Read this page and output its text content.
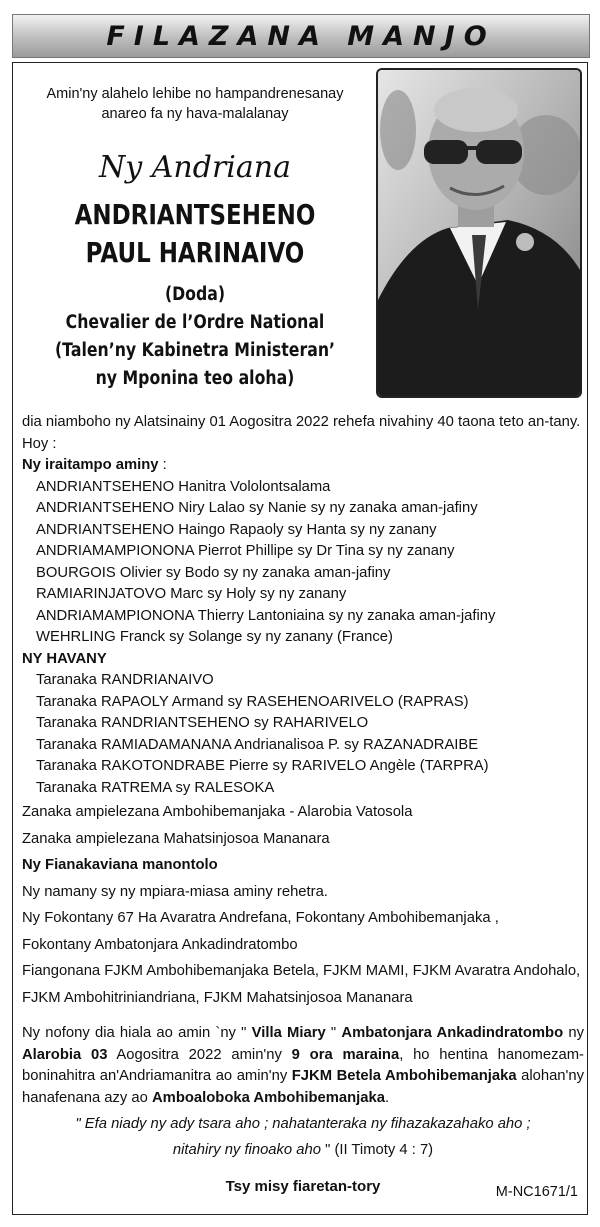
FILAZANA MANJO
Amin'ny alahelo lehibe no hampandrenesanay
anareo fa ny hava-malalanay
Ny Andriana
ANDRIANTSEHENO
PAUL HARINAIVO
(Doda)
Chevalier de l’Ordre National
(Talen’ny Kabinetra Ministeran’
ny Mponina teo aloha)
dia niamboho ny Alatsinainy 01 Aogositra 2022 rehefa nivahiny 40 taona teto an-tany.
Hoy :
Ny iraitampo aminy :
ANDRIANTSEHENO Hanitra Vololontsalama
ANDRIANTSEHENO Niry Lalao sy Nanie sy ny zanaka aman-jafiny
ANDRIANTSEHENO Haingo Rapaoly sy Hanta sy ny zanany
ANDRIAMAMPIONONA Pierrot Phillipe sy Dr Tina sy ny zanany
BOURGOIS Olivier sy Bodo sy ny zanaka aman-jafiny
RAMIARINJATOVO Marc sy Holy sy ny zanany
ANDRIAMAMPIONONA Thierry Lantoniaina sy ny zanaka aman-jafiny
WEHRLING Franck sy Solange sy ny zanany (France)
NY HAVANY
Taranaka RANDRIANAIVO
Taranaka RAPAOLY Armand sy RASEHENOARIVELO (RAPRAS)
Taranaka RANDRIANTSEHENO sy RAHARIVELO
Taranaka RAMIADAMANANA Andrianalisoa P. sy RAZANADRAIBE
Taranaka RAKOTONDRABE Pierre sy RARIVELO Angèle (TARPRA)
Taranaka RATREMA sy RALESOKA
Zanaka ampielezana Ambohibemanjaka - Alarobia Vatosola
Zanaka ampielezana Mahatsinjosoa Mananara
Ny Fianakaviana manontolo
Ny namany sy ny mpiara-miasa aminy rehetra.
Ny Fokontany 67 Ha Avaratra Andrefana, Fokontany Ambohibemanjaka ,
Fokontany Ambatonjara Ankadindratombo
Fiangonana FJKM Ambohibemanjaka Betela, FJKM MAMI, FJKM Avaratra Andohalo,
FJKM Ambohitriniandriana, FJKM Mahatsinjosoa Mananara
Ny nofony dia hiala ao amin `ny " Villa Miary " Ambatonjara Ankadindratombo ny Alarobia 03 Aogositra 2022 amin'ny 9 ora maraina, ho hentina hanomezam-boninahitra an'Andriamanitra ao amin'ny FJKM Betela Ambohibemanjaka alohan'ny hanafenana azy ao Amboaloboka Ambohibemanjaka.
" Efa niady ny ady tsara aho ; nahatanteraka ny fihazakazahako aho ;
nitahiry ny finoako aho " (II Timoty 4 : 7)
Tsy misy fiaretan-tory	M-NC1671/1
